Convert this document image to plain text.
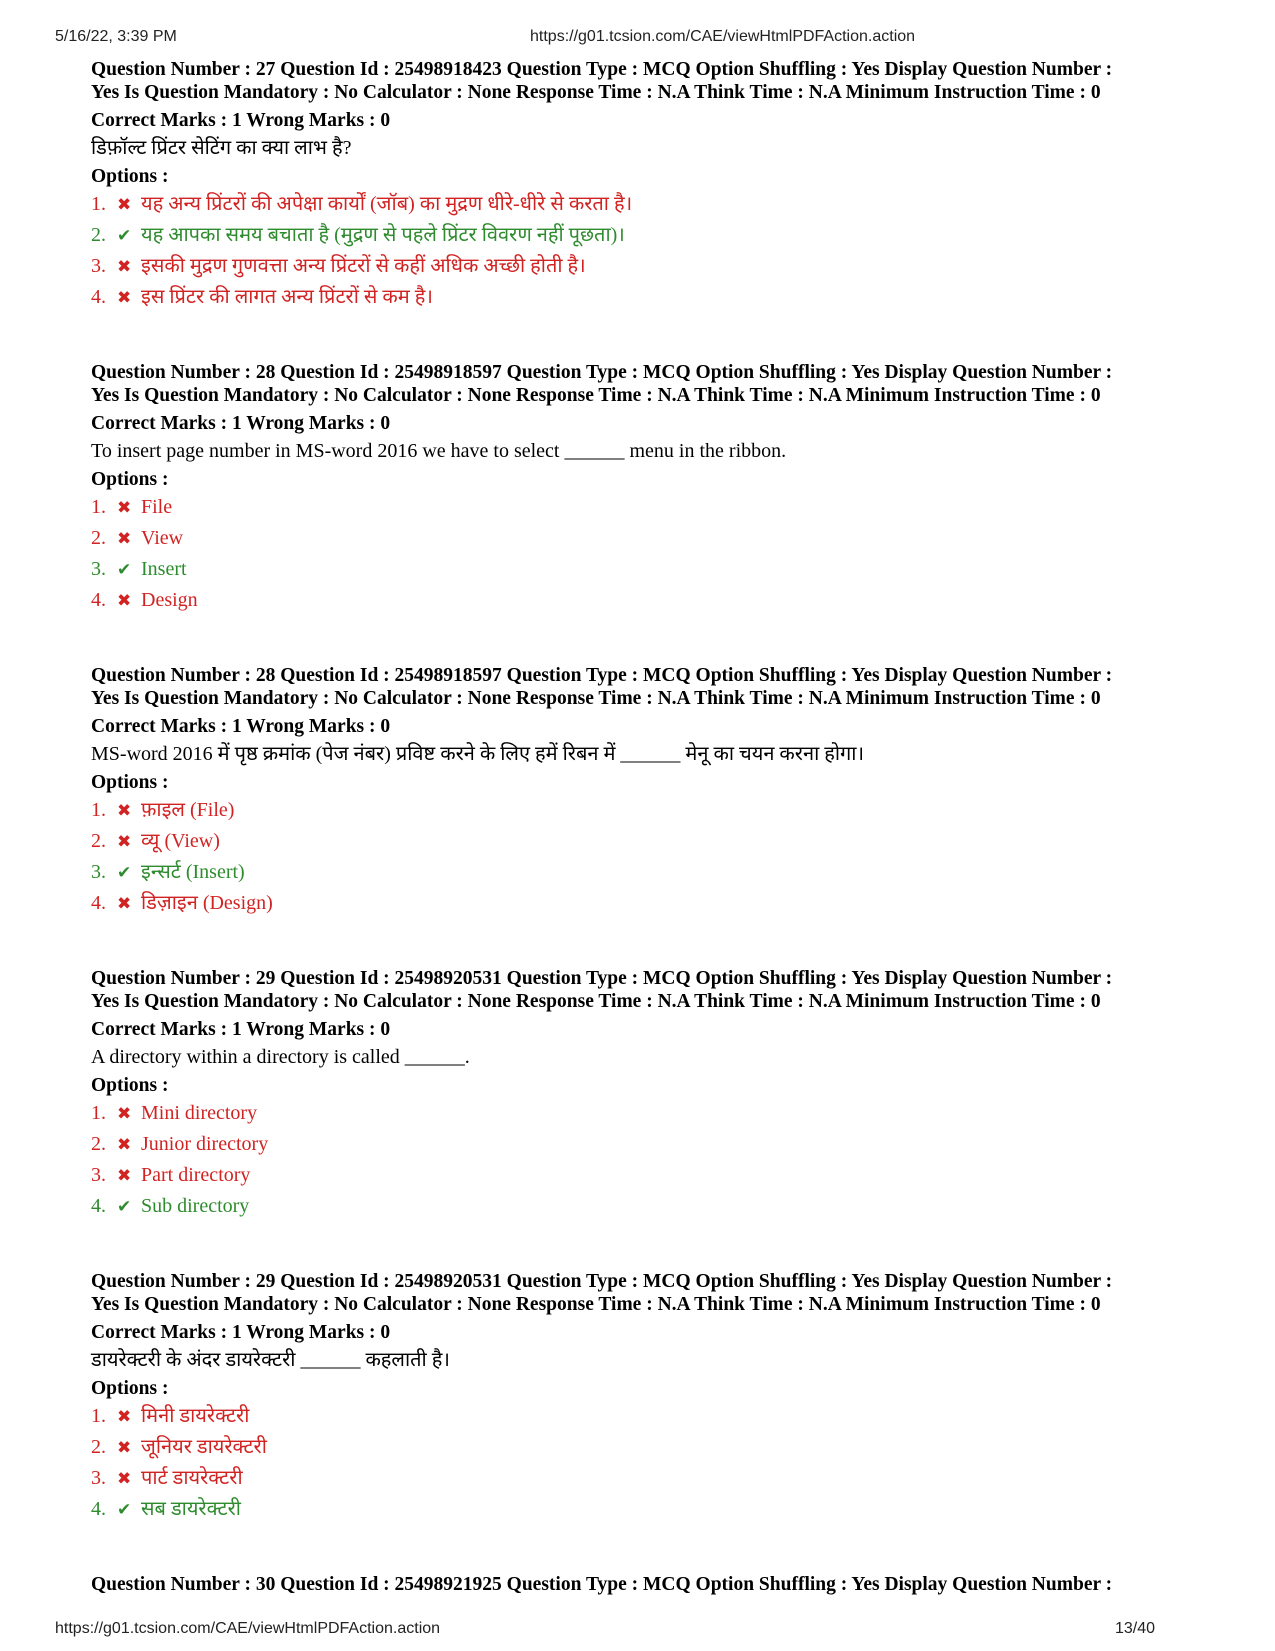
5/16/22, 3:39 PM	https://g01.tcsion.com/CAE/viewHtmlPDFAction.action
Question Number : 27 Question Id : 25498918423 Question Type : MCQ Option Shuffling : Yes Display Question Number :
Yes Is Question Mandatory : No Calculator : None Response Time : N.A Think Time : N.A Minimum Instruction Time : 0
Correct Marks : 1 Wrong Marks : 0
डिफ़ॉल्ट प्रिंटर सेटिंग का क्या लाभ है?
Options :
1. ✖ यह अन्य प्रिंटरों की अपेक्षा कार्यों (जॉब) का मुद्रण धीरे-धीरे से करता है।
2. ✔ यह आपका समय बचाता है (मुद्रण से पहले प्रिंटर विवरण नहीं पूछता)।
3. ✖ इसकी मुद्रण गुणवत्ता अन्य प्रिंटरों से कहीं अधिक अच्छी होती है।
4. ✖ इस प्रिंटर की लागत अन्य प्रिंटरों से कम है।
Question Number : 28 Question Id : 25498918597 Question Type : MCQ Option Shuffling : Yes Display Question Number :
Yes Is Question Mandatory : No Calculator : None Response Time : N.A Think Time : N.A Minimum Instruction Time : 0
Correct Marks : 1 Wrong Marks : 0
To insert page number in MS-word 2016 we have to select ______ menu in the ribbon.
Options :
1. ✖ File
2. ✖ View
3. ✔ Insert
4. ✖ Design
Question Number : 28 Question Id : 25498918597 Question Type : MCQ Option Shuffling : Yes Display Question Number :
Yes Is Question Mandatory : No Calculator : None Response Time : N.A Think Time : N.A Minimum Instruction Time : 0
Correct Marks : 1 Wrong Marks : 0
MS-word 2016 में पृष्ठ क्रमांक (पेज नंबर) प्रविष्ट करने के लिए हमें रिबन में ______ मेनू का चयन करना होगा।
Options :
1. ✖ फ़ाइल (File)
2. ✖ व्यू (View)
3. ✔ इन्सर्ट (Insert)
4. ✖ डिज़ाइन (Design)
Question Number : 29 Question Id : 25498920531 Question Type : MCQ Option Shuffling : Yes Display Question Number :
Yes Is Question Mandatory : No Calculator : None Response Time : N.A Think Time : N.A Minimum Instruction Time : 0
Correct Marks : 1 Wrong Marks : 0
A directory within a directory is called ______.
Options :
1. ✖ Mini directory
2. ✖ Junior directory
3. ✖ Part directory
4. ✔ Sub directory
Question Number : 29 Question Id : 25498920531 Question Type : MCQ Option Shuffling : Yes Display Question Number :
Yes Is Question Mandatory : No Calculator : None Response Time : N.A Think Time : N.A Minimum Instruction Time : 0
Correct Marks : 1 Wrong Marks : 0
डायरेक्टरी के अंदर डायरेक्टरी ______ कहलाती है।
Options :
1. ✖ मिनी डायरेक्टरी
2. ✖ जूनियर डायरेक्टरी
3. ✖ पार्ट डायरेक्टरी
4. ✔ सब डायरेक्टरी
Question Number : 30 Question Id : 25498921925 Question Type : MCQ Option Shuffling : Yes Display Question Number :
https://g01.tcsion.com/CAE/viewHtmlPDFAction.action	13/40
